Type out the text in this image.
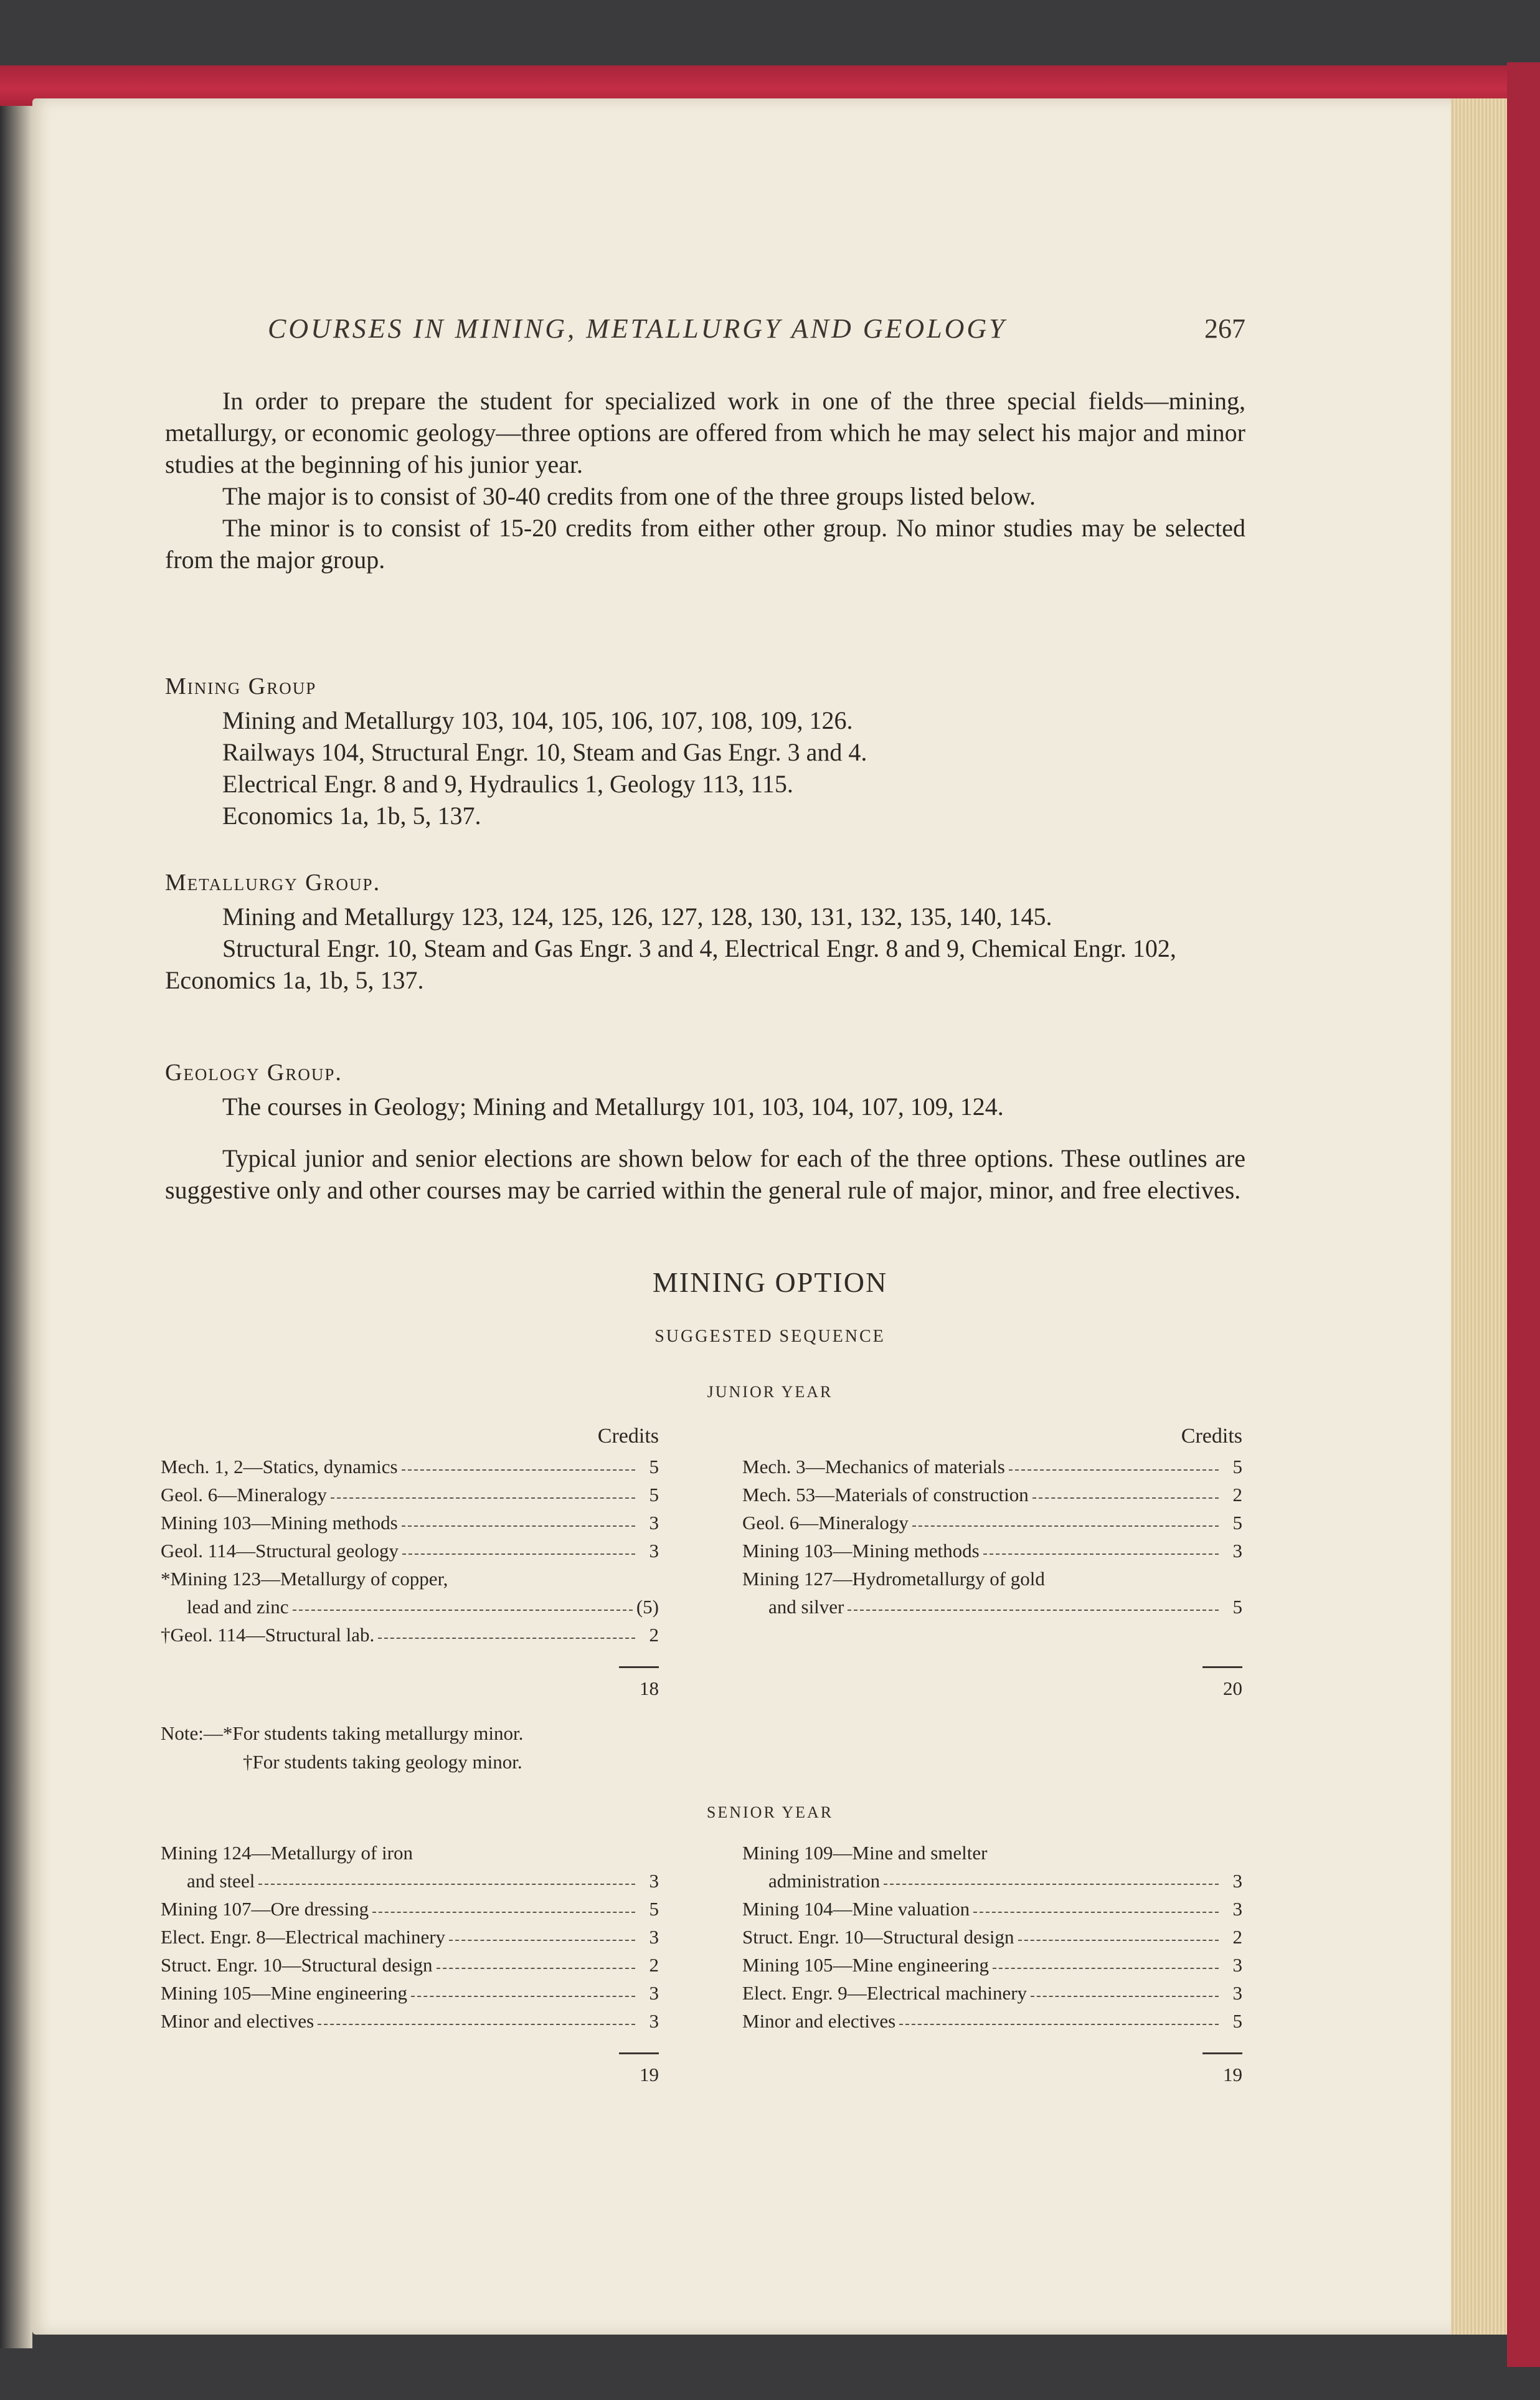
COURSES IN MINING, METALLURGY AND GEOLOGY	267

In order to prepare the student for specialized work in one of the three special fields—mining, metallurgy, or economic geology—three options are offered from which he may select his major and minor studies at the beginning of his junior year.

The major is to consist of 30-40 credits from one of the three groups listed below.

The minor is to consist of 15-20 credits from either other group. No minor studies may be selected from the major group.

Mining Group

Mining and Metallurgy 103, 104, 105, 106, 107, 108, 109, 126.

Railways 104, Structural Engr. 10, Steam and Gas Engr. 3 and 4.

Electrical Engr. 8 and 9, Hydraulics 1, Geology 113, 115.

Economics 1a, 1b, 5, 137.

Metallurgy Group.

Mining and Metallurgy 123, 124, 125, 126, 127, 128, 130, 131, 132, 135, 140, 145.

Structural Engr. 10, Steam and Gas Engr. 3 and 4, Electrical Engr. 8 and 9, Chemical Engr. 102, Economics 1a, 1b, 5, 137.

Geology Group.

The courses in Geology; Mining and Metallurgy 101, 103, 104, 107, 109, 124.

Typical junior and senior elections are shown below for each of the three options. These outlines are suggestive only and other courses may be carried within the general rule of major, minor, and free electives.

MINING OPTION
SUGGESTED SEQUENCE
JUNIOR YEAR
Credits
Mech. 1, 2—Statics, dynamics	5
Geol. 6—Mineralogy	5
Mining 103—Mining methods	3
Geol. 114—Structural geology	3
*Mining 123—Metallurgy of copper,
lead and zinc	(5)
†Geol. 114—Structural lab.	2
18
Credits
Mech. 3—Mechanics of materials	5
Mech. 53—Materials of construction	2
Geol. 6—Mineralogy	5
Mining 103—Mining methods	3
Mining 127—Hydrometallurgy of gold
and silver	5
20
Note:—*For students taking metallurgy minor.
†For students taking geology minor.
SENIOR YEAR
Mining 124—Metallurgy of iron
and steel	3
Mining 107—Ore dressing	5
Elect. Engr. 8—Electrical machinery	3
Struct. Engr. 10—Structural design	2
Mining 105—Mine engineering	3
Minor and electives	3
19
Mining 109—Mine and smelter
administration	3
Mining 104—Mine valuation	3
Struct. Engr. 10—Structural design	2
Mining 105—Mine engineering	3
Elect. Engr. 9—Electrical machinery	3
Minor and electives	5
19
